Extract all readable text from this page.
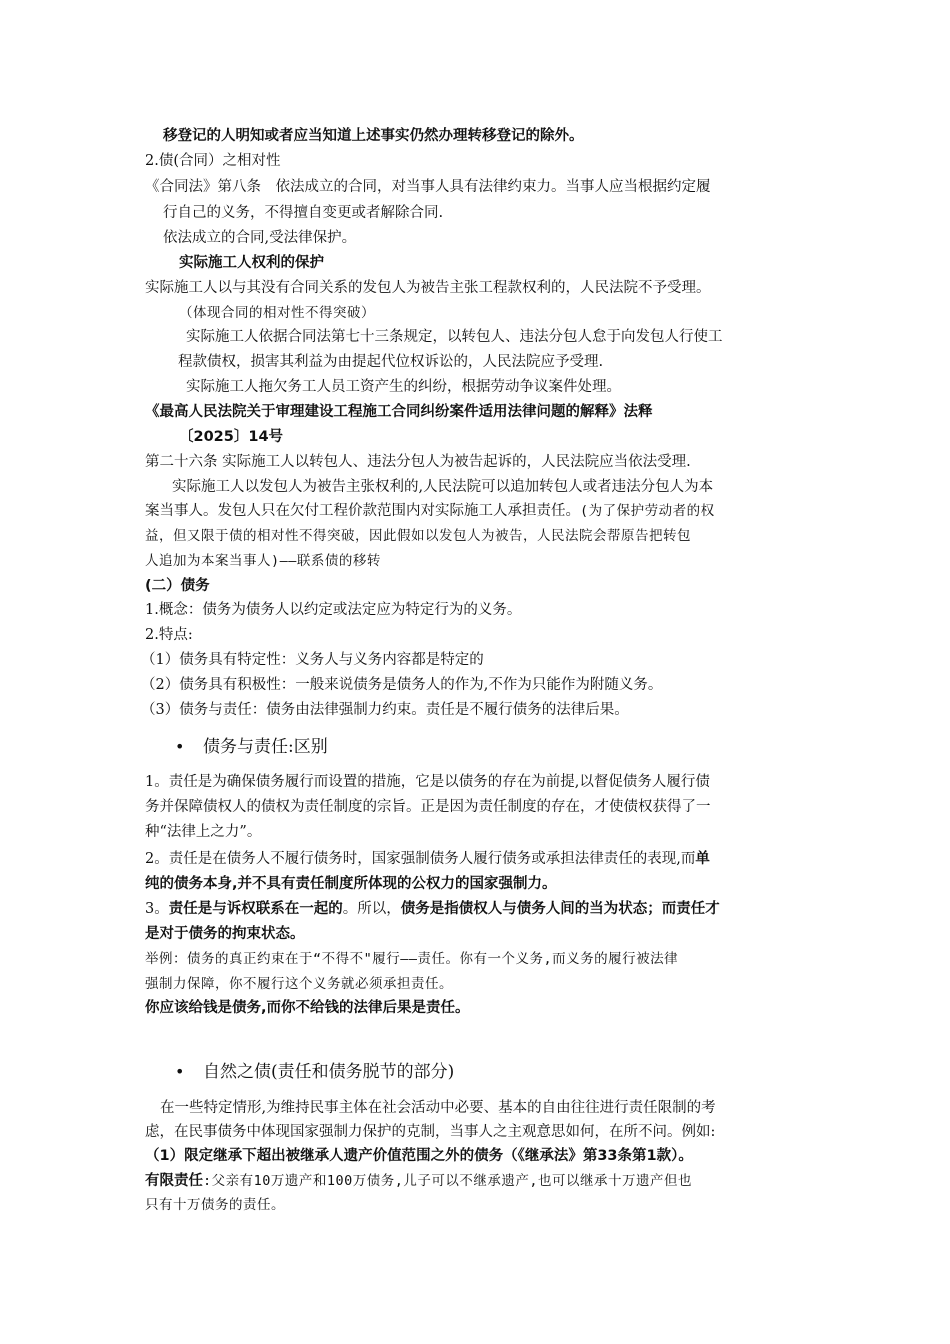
移登记的人明知或者应当知道上述事实仍然办理转移登记的除外。
2.债(合同）之相对性
《合同法》第八条　依法成立的合同，对当事人具有法律约束力。当事人应当根据约定履
行自己的义务，不得擅自变更或者解除合同.
依法成立的合同,受法律保护。
实际施工人权利的保护
实际施工人以与其没有合同关系的发包人为被告主张工程款权利的，人民法院不予受理。
（体现合同的相对性不得突破）
实际施工人依据合同法第七十三条规定，以转包人、违法分包人怠于向发包人行使工
程款债权，损害其利益为由提起代位权诉讼的，人民法院应予受理.
实际施工人拖欠务工人员工资产生的纠纷，根据劳动争议案件处理。
《最高人民法院关于审理建设工程施工合同纠纷案件适用法律问题的解释》法释
〔2025〕14号
第二十六条 实际施工人以转包人、违法分包人为被告起诉的，人民法院应当依法受理.
实际施工人以发包人为被告主张权利的,人民法院可以追加转包人或者违法分包人为本
案当事人。发包人只在欠付工程价款范围内对实际施工人承担责任。(为了保护劳动者的权
益，但又限于债的相对性不得突破，因此假如以发包人为被告，人民法院会帮原告把转包
人追加为本案当事人)——联系债的移转
(二）债务
1.概念：债务为债务人以约定或法定应为特定行为的义务。
2.特点:
（1）债务具有特定性：义务人与义务内容都是特定的
（2）债务具有积极性：一般来说债务是债务人的作为,不作为只能作为附随义务。
（3）债务与责任：债务由法律强制力约束。责任是不履行债务的法律后果。
• 债务与责任:区别
1。责任是为确保债务履行而设置的措施，它是以债务的存在为前提,以督促债务人履行债
务并保障债权人的债权为责任制度的宗旨。正是因为责任制度的存在，才使债权获得了一
种“法律上之力”。
2。责任是在债务人不履行债务时，国家强制债务人履行债务或承担法律责任的表现,而单
纯的债务本身,并不具有责任制度所体现的公权力的国家强制力。
3。责任是与诉权联系在一起的。所以，债务是指债权人与债务人间的当为状态；而责任才
是对于债务的拘束状态。
举例：债务的真正约束在于“不得不"履行——责任。你有一个义务,而义务的履行被法律
强制力保障，你不履行这个义务就必须承担责任。
你应该给钱是债务,而你不给钱的法律后果是责任。
• 自然之债(责任和债务脱节的部分)
在一些特定情形,为维持民事主体在社会活动中必要、基本的自由往往进行责任限制的考
虑，在民事债务中体现国家强制力保护的克制，当事人之主观意思如何，在所不问。例如:
（1）限定继承下超出被继承人遗产价值范围之外的债务（《继承法》第33条第1款）。
有限责任:父亲有10万遗产和100万债务,儿子可以不继承遗产,也可以继承十万遗产但也
只有十万债务的责任。
